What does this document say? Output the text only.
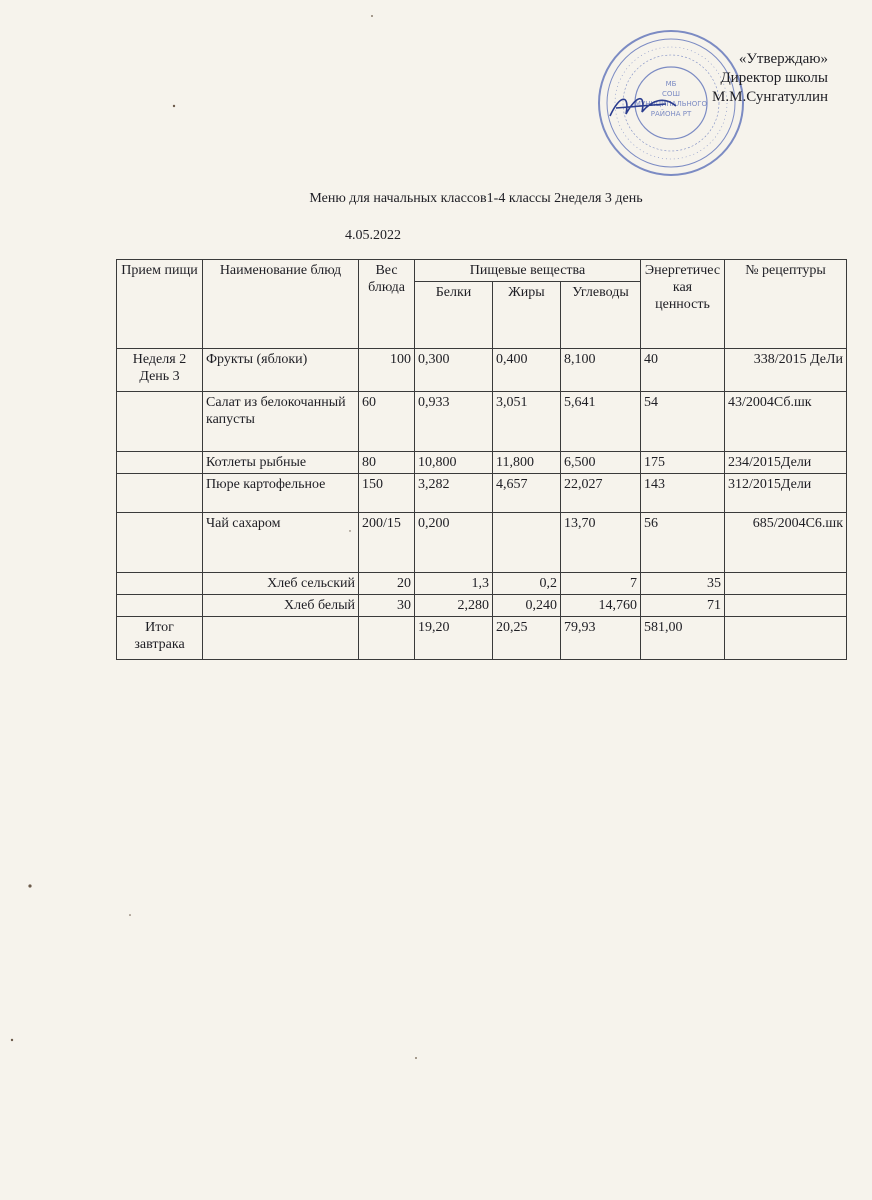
МБ
СОШ
МУНИЦИПАЛЬНОГО
РАЙОНА РТ
«Утверждаю»
Директор школы
М.М.Сунгатуллин
Меню для начальных классов1-4 классы 2неделя 3 день
4.05.2022
Прием пищи	Наименование блюд	Вес блюда	Пищевые вещества			Энергетическая ценность	№ рецептуры
			Белки	Жиры	Углеводы		
Неделя 2 День 3	Фрукты (яблоки)	100	0,300	0,400	8,100	40	338/2015 ДеЛи
	Салат из белокочанный капусты	60	0,933	3,051	5,641	54	43/2004Сб.шк
	Котлеты рыбные	80	10,800	11,800	6,500	175	234/2015Дели
	Пюре картофельное	150	3,282	4,657	22,027	143	312/2015Дели
	Чай сахаром	200/15	0,200		13,70	56	685/2004С6.шк
	Хлеб сельский	20	1,3	0,2	7	35	
	Хлеб белый	30	2,280	0,240	14,760	71	
Итог завтрака			19,20	20,25	79,93	581,00	
